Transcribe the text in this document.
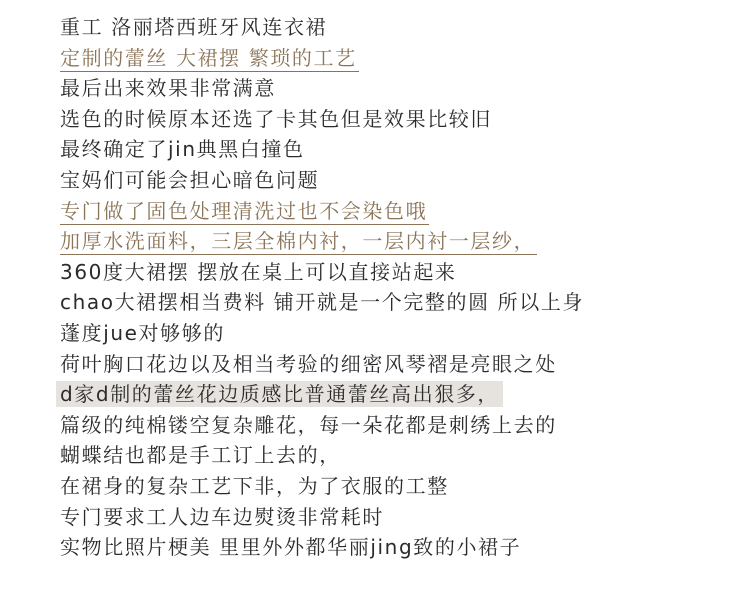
重工 洛丽塔西班牙风连衣裙
定制的蕾丝 大裙摆 繁琐的工艺
最后出来效果非常满意
选色的时候原本还选了卡其色但是效果比较旧
最终确定了jin典黑白撞色
宝妈们可能会担心暗色问题
专门做了固色处理清洗过也不会染色哦
加厚水洗面料，三层全棉内衬，一层内衬一层纱，
360度大裙摆 摆放在桌上可以直接站起来
chao大裙摆相当费料 铺开就是一个完整的圆 所以上身
蓬度jue对够够的
荷叶胸口花边以及相当考验的细密风琴褶是亮眼之处
d家d制的蕾丝花边质感比普通蕾丝高出狠多，
篇级的纯棉镂空复杂雕花，每一朵花都是刺绣上去的
蝴蝶结也都是手工订上去的，
在裙身的复杂工艺下非，为了衣服的工整
专门要求工人边车边熨烫非常耗时
实物比照片梗美 里里外外都华丽jing致的小裙子
